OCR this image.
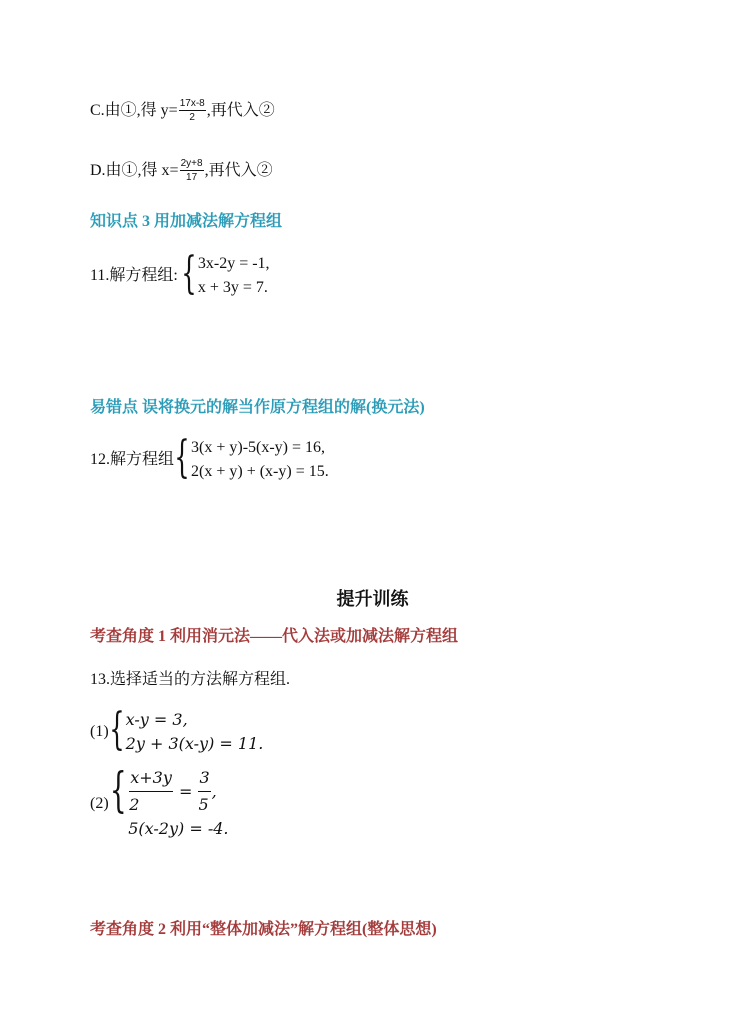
C.由①,得 $y= \frac{17x-8}{2}$ ,再代入②
D.由①,得 $x= \frac{2y+8}{17}$ ,再代入②
知识点 3 用加减法解方程组
11.解方程组: { 3x-2y = -1,
x + 3y = 7.
易错点 误将换元的解当作原方程组的解(换元法)
12.解方程组 { 3(x + y)-5(x-y) = 16,
2(x + y) + (x-y) = 15.
提升训练
考查角度 1 利用消元法——代入法或加减法解方程组
13.选择适当的方法解方程组.
(1) { x-y = 3,
2y + 3(x-y) = 11.
(2) { $\frac{x+3y}{2} = \frac{3}{5}$ ,
5(x-2y) = -4.
考查角度 2 利用“整体加减法”解方程组(整体思想)
